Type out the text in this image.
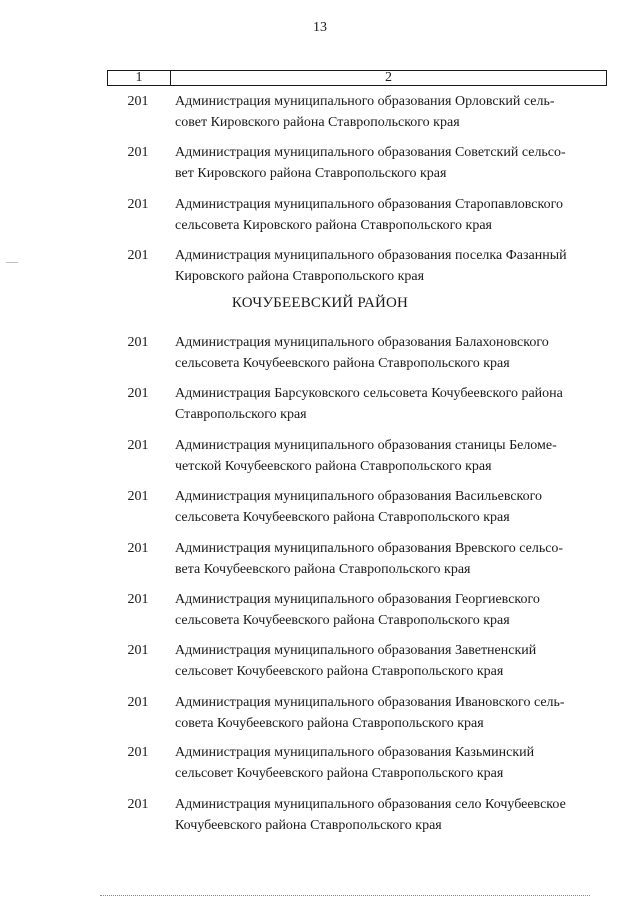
13
1	2
201	Администрация муниципального образования Орловский сель-
совет Кировского района Ставропольского края
201	Администрация муниципального образования Советский сельсо-
вет Кировского района Ставропольского края
201	Администрация муниципального образования Старопавловского
сельсовета Кировского района Ставропольского края
201	Администрация муниципального образования поселка Фазанный
Кировского района Ставропольского края
КОЧУБЕЕВСКИЙ РАЙОН
201	Администрация муниципального образования Балахоновского
сельсовета Кочубеевского района Ставропольского края
201	Администрация Барсуковского сельсовета Кочубеевского района
Ставропольского края
201	Администрация муниципального образования станицы Беломе-
четской Кочубеевского района Ставропольского края
201	Администрация муниципального образования Васильевского
сельсовета Кочубеевского района Ставропольского края
201	Администрация муниципального образования Вревского сельсо-
вета Кочубеевского района Ставропольского края
201	Администрация муниципального образования Георгиевского
сельсовета Кочубеевского района Ставропольского края
201	Администрация муниципального образования Заветненский
сельсовет Кочубеевского района Ставропольского края
201	Администрация муниципального образования Ивановского сель-
совета Кочубеевского района Ставропольского края
201	Администрация муниципального образования Казьминский
сельсовет Кочубеевского района Ставропольского края
201	Администрация муниципального образования село Кочубеевское
Кочубеевского района Ставропольского края
